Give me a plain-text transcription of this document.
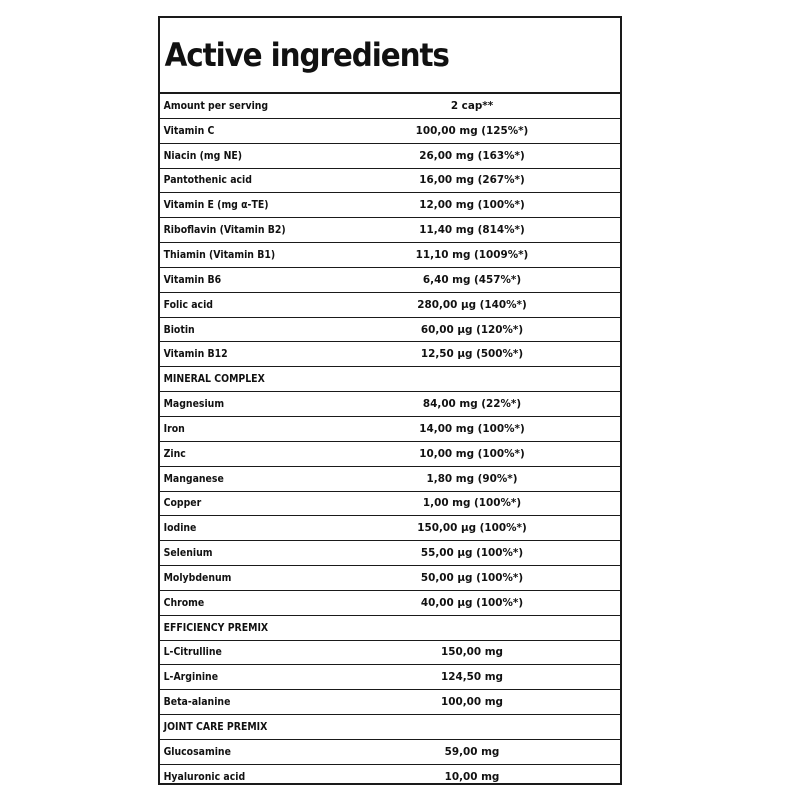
Active ingredients
Amount per serving	2 cap**
Vitamin C	100,00 mg (125%*)
Niacin (mg NE)	26,00 mg (163%*)
Pantothenic acid	16,00 mg (267%*)
Vitamin E (mg α-TE)	12,00 mg (100%*)
Riboflavin (Vitamin B2)	11,40 mg (814%*)
Thiamin (Vitamin B1)	11,10 mg (1009%*)
Vitamin B6	6,40 mg (457%*)
Folic acid	280,00 µg (140%*)
Biotin	60,00 µg (120%*)
Vitamin B12	12,50 µg (500%*)
MINERAL COMPLEX
Magnesium	84,00 mg (22%*)
Iron	14,00 mg (100%*)
Zinc	10,00 mg (100%*)
Manganese	1,80 mg (90%*)
Copper	1,00 mg (100%*)
Iodine	150,00 µg (100%*)
Selenium	55,00 µg (100%*)
Molybdenum	50,00 µg (100%*)
Chrome	40,00 µg (100%*)
EFFICIENCY PREMIX
L-Citrulline	150,00 mg
L-Arginine	124,50 mg
Beta-alanine	100,00 mg
JOINT CARE PREMIX
Glucosamine	59,00 mg
Hyaluronic acid	10,00 mg
